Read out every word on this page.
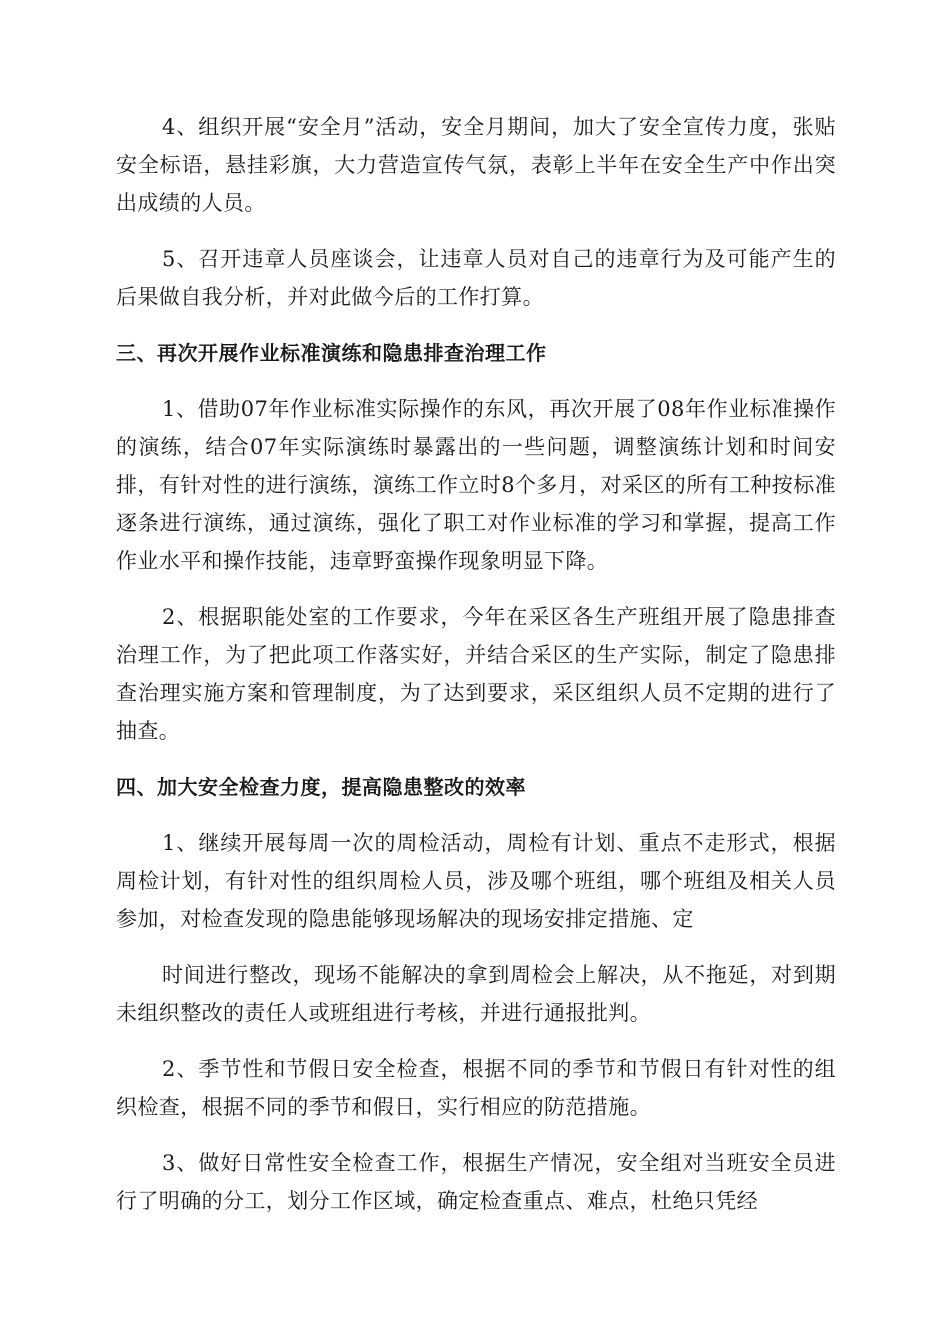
4、组织开展“安全月”活动，安全月期间，加大了安全宣传力度，张贴安全标语，悬挂彩旗，大力营造宣传气氛，表彰上半年在安全生产中作出突出成绩的人员。

5、召开违章人员座谈会，让违章人员对自己的违章行为及可能产生的后果做自我分析，并对此做今后的工作打算。

三、再次开展作业标准演练和隐患排查治理工作

1、借助07年作业标准实际操作的东风，再次开展了08年作业标准操作的演练，结合07年实际演练时暴露出的一些问题，调整演练计划和时间安排，有针对性的进行演练，演练工作立时8个多月，对采区的所有工种按标准逐条进行演练，通过演练，强化了职工对作业标准的学习和掌握，提高工作作业水平和操作技能，违章野蛮操作现象明显下降。

2、根据职能处室的工作要求，今年在采区各生产班组开展了隐患排查治理工作，为了把此项工作落实好，并结合采区的生产实际，制定了隐患排查治理实施方案和管理制度，为了达到要求，采区组织人员不定期的进行了抽查。

四、加大安全检查力度，提高隐患整改的效率

1、继续开展每周一次的周检活动，周检有计划、重点不走形式，根据周检计划，有针对性的组织周检人员，涉及哪个班组，哪个班组及相关人员参加，对检查发现的隐患能够现场解决的现场安排定措施、定

时间进行整改，现场不能解决的拿到周检会上解决，从不拖延，对到期未组织整改的责任人或班组进行考核，并进行通报批判。

2、季节性和节假日安全检查，根据不同的季节和节假日有针对性的组织检查，根据不同的季节和假日，实行相应的防范措施。

3、做好日常性安全检查工作，根据生产情况，安全组对当班安全员进行了明确的分工，划分工作区域，确定检查重点、难点，杜绝只凭经
